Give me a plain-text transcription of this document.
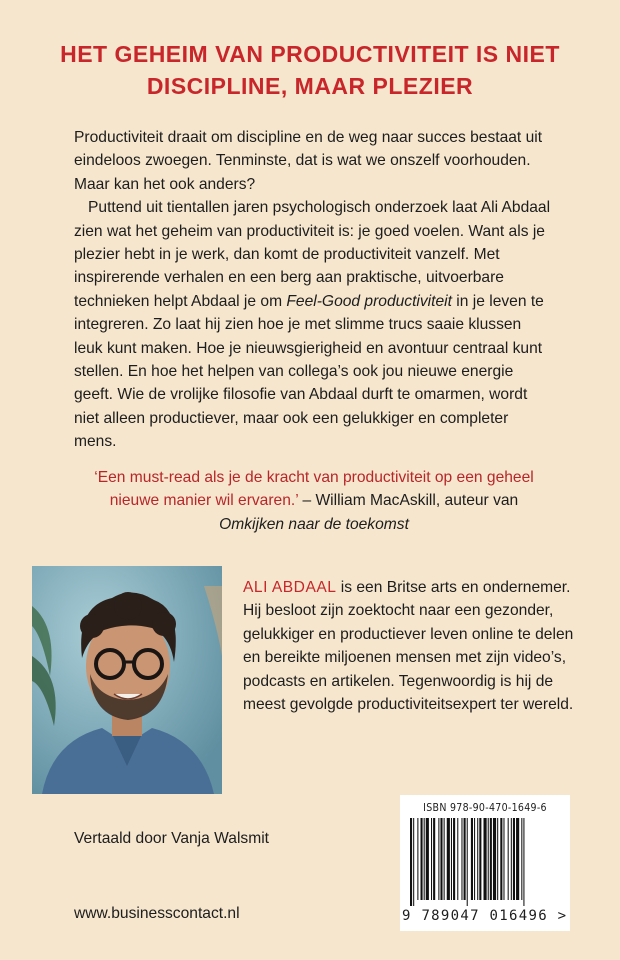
HET GEHEIM VAN PRODUCTIVITEIT IS NIET
DISCIPLINE, MAAR PLEZIER

Productiviteit draait om discipline en de weg naar succes bestaat uit eindeloos zwoegen. Tenminste, dat is wat we onszelf voorhouden. Maar kan het ook anders?

Puttend uit tientallen jaren psychologisch onderzoek laat Ali Abdaal zien wat het geheim van productiviteit is: je goed voelen. Want als je plezier hebt in je werk, dan komt de productiviteit vanzelf. Met inspirerende verhalen en een berg aan praktische, uitvoerbare technieken helpt Abdaal je om Feel-Good productiviteit in je leven te integreren. Zo laat hij zien hoe je met slimme trucs saaie klussen leuk kunt maken. Hoe je nieuwsgierigheid en avontuur centraal kunt stellen. En hoe het helpen van collega’s ook jou nieuwe energie geeft. Wie de vrolijke filosofie van Abdaal durft te omarmen, wordt niet alleen productiever, maar ook een gelukkiger en completer mens.

‘Een must-read als je de kracht van productiviteit op een geheel nieuwe manier wil ervaren.’ – William MacAskill, auteur van
Omkijken naar de toekomst
ALI ABDAAL is een Britse arts en ondernemer. Hij besloot zijn zoektocht naar een gezonder, gelukkiger en productiever leven online te delen en bereikte miljoenen mensen met zijn video’s, podcasts en artikelen. Tegenwoordig is hij de meest gevolgde productiviteitsexpert ter wereld.
Vertaald door Vanja Walsmit
www.businesscontact.nl
ISBN 978-90-470-1649-6
9 789047 016496 >
